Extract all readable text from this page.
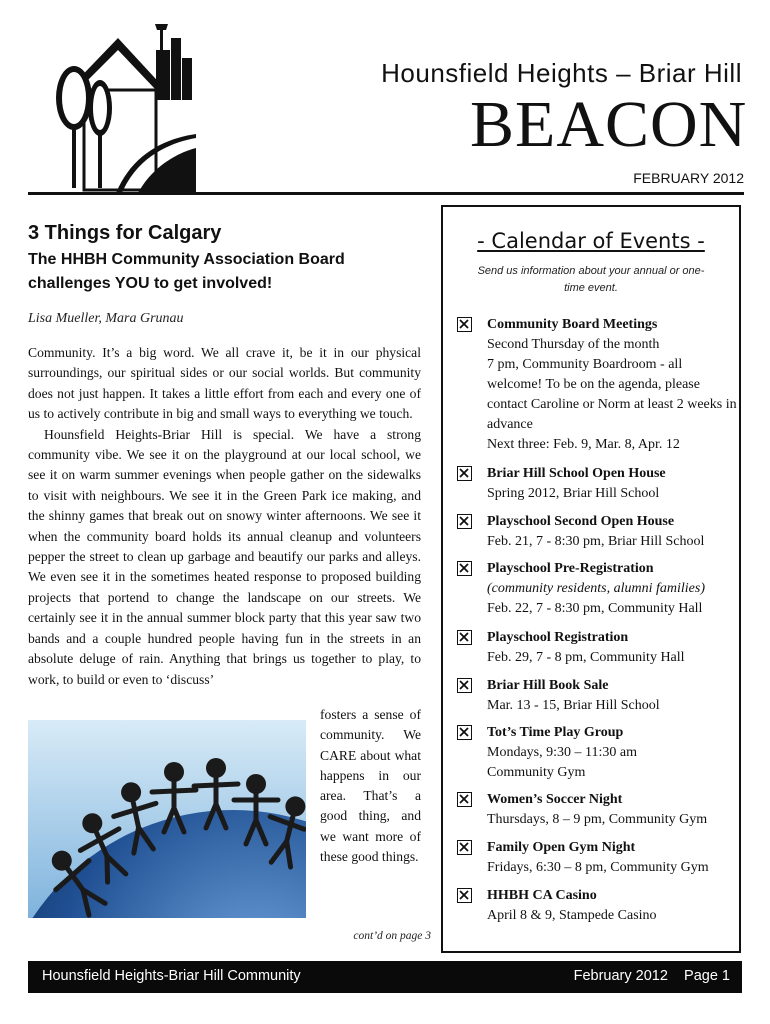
Hounsfield Heights – Briar Hill
BEACON
FEBRUARY 2012
3 Things for Calgary
The HHBH Community Association Board challenges YOU to get involved!
Lisa Mueller, Mara Grunau

Community. It’s a big word. We all crave it, be it in our physical surroundings, our spiritual sides or our social worlds. But community does not just happen. It takes a little effort from each and every one of us to actively contribute in big and small ways to everything we touch.

Hounsfield Heights-Briar Hill is special. We have a strong community vibe. We see it on the playground at our local school, we see it on warm summer evenings when people gather on the sidewalks to visit with neighbours. We see it in the Green Park ice making, and the shinny games that break out on snowy winter afternoons. We see it when the community board holds its annual cleanup and volunteers pepper the street to clean up garbage and beautify our parks and alleys. We even see it in the sometimes heated response to proposed building projects that portend to change the landscape on our streets. We certainly see it in the annual summer block party that this year saw two bands and a couple hundred people having fun in the streets in an absolute deluge of rain. Anything that brings us together to play, to work, to build or even to ‘discuss’

fosters a sense of community. We CARE about what happens in our area. That’s a good thing, and we want more of these good things.
cont’d on page 3
- Calendar of Events -
Send us information about your annual or one-time event.
Community Board Meetings
Second Thursday of the month
7 pm, Community Boardroom - all welcome! To be on the agenda, please contact Caroline or Norm at least 2 weeks in advance
Next three: Feb. 9, Mar. 8, Apr. 12
Briar Hill School Open House
Spring 2012, Briar Hill School
Playschool Second Open House
Feb. 21, 7 - 8:30 pm, Briar Hill School
Playschool Pre-Registration
(community residents, alumni families)
Feb. 22, 7 - 8:30 pm, Community Hall
Playschool Registration
Feb. 29, 7 - 8 pm, Community Hall
Briar Hill Book Sale
Mar. 13 - 15, Briar Hill School
Tot’s Time Play Group
Mondays, 9:30 – 11:30 am
Community Gym
Women’s Soccer Night
Thursdays, 8 – 9 pm, Community Gym
Family Open Gym Night
Fridays, 6:30 – 8 pm, Community Gym
HHBH CA Casino
April 8 & 9, Stampede Casino
Hounsfield Heights-Briar Hill Community	February 2012 Page 1
